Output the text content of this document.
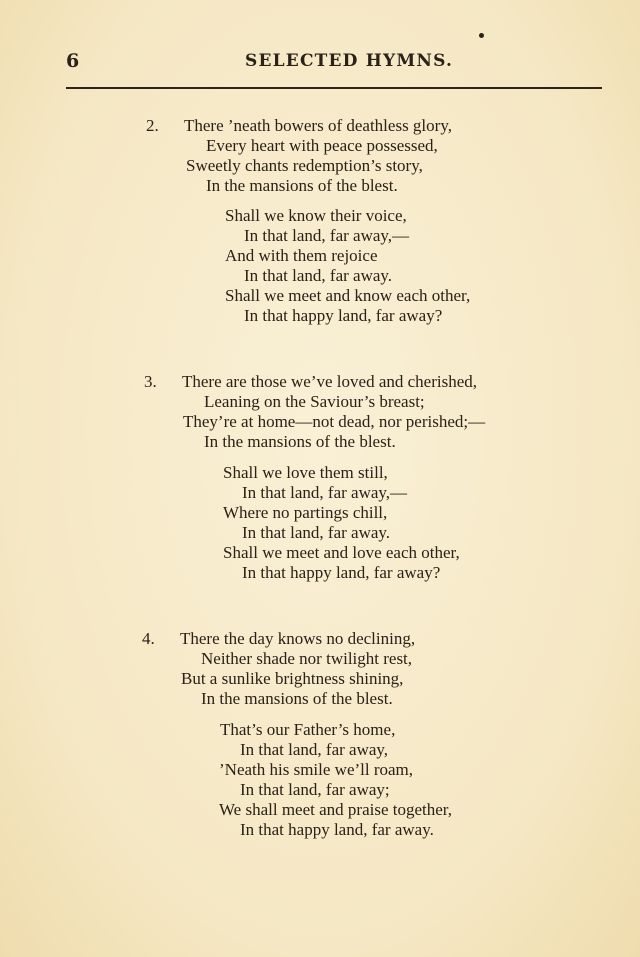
6	SELECTED HYMNS.
2. There ’neath bowers of deathless glory,
Every heart with peace possessed,
Sweetly chants redemption’s story,
In the mansions of the blest.
Shall we know their voice,
In that land, far away,—
And with them rejoice
In that land, far away.
Shall we meet and know each other,
In that happy land, far away?
3. There are those we’ve loved and cherished,
Leaning on the Saviour’s breast;
They’re at home—not dead, nor perished;—
In the mansions of the blest.
Shall we love them still,
In that land, far away,—
Where no partings chill,
In that land, far away.
Shall we meet and love each other,
In that happy land, far away?
4. There the day knows no declining,
Neither shade nor twilight rest,
But a sunlike brightness shining,
In the mansions of the blest.
That’s our Father’s home,
In that land, far away,
’Neath his smile we’ll roam,
In that land, far away;
We shall meet and praise together,
In that happy land, far away.
